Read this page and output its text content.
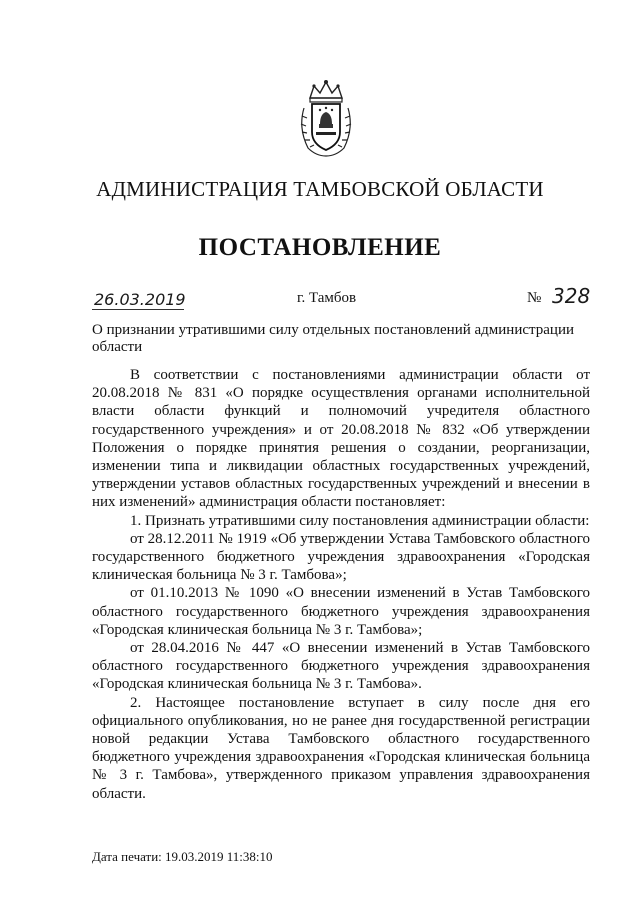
АДМИНИСТРАЦИЯ ТАМБОВСКОЙ ОБЛАСТИ
ПОСТАНОВЛЕНИЕ
26.03.2019	г. Тамбов	№ 328
О признании утратившими силу отдельных постановлений администрации области

В соответствии с постановлениями администрации области от 20.08.2018 № 831 «О порядке осуществления органами исполнительной власти области функций и полномочий учредителя областного государственного учреждения» и от 20.08.2018 № 832 «Об утверждении Положения о порядке принятия решения о создании, реорганизации, изменении типа и ликвидации областных государственных учреждений, утверждении уставов областных государственных учреждений и внесении в них изменений» администрация области постановляет:

1. Признать утратившими силу постановления администрации области:

от 28.12.2011 № 1919 «Об утверждении Устава Тамбовского областного государственного бюджетного учреждения здравоохранения «Городская клиническая больница № 3 г. Тамбова»;

от 01.10.2013 № 1090 «О внесении изменений в Устав Тамбовского областного государственного бюджетного учреждения здравоохранения «Городская клиническая больница № 3 г. Тамбова»;

от 28.04.2016 № 447 «О внесении изменений в Устав Тамбовского областного государственного бюджетного учреждения здравоохранения «Городская клиническая больница № 3 г. Тамбова».

2. Настоящее постановление вступает в силу после дня его официального опубликования, но не ранее дня государственной регистрации новой редакции Устава Тамбовского областного государственного бюджетного учреждения здравоохранения «Городская клиническая больница № 3 г. Тамбова», утвержденного приказом управления здравоохранения области.

Дата печати: 19.03.2019 11:38:10
